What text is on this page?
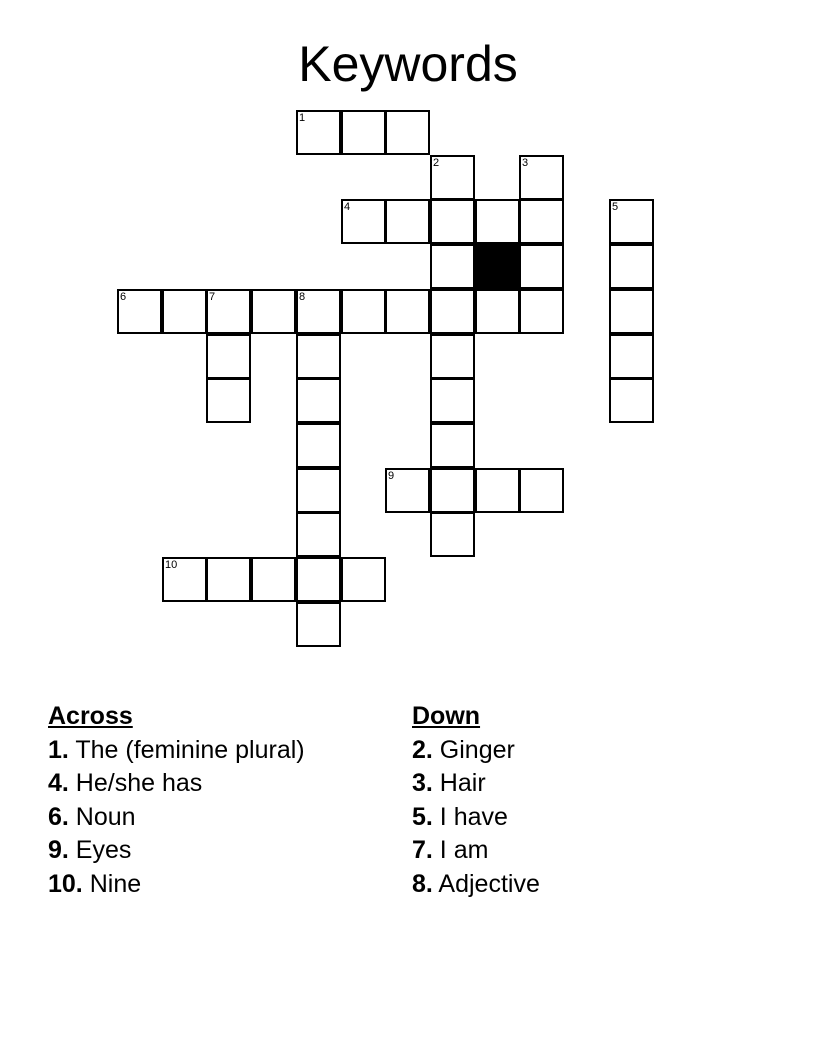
Keywords
1
2	3
4	5
6	7	8
9
10
Across
1. The (feminine plural)
4. He/she has
6. Noun
9. Eyes
10. Nine
Down
2. Ginger
3. Hair
5. I have
7. I am
8. Adjective
